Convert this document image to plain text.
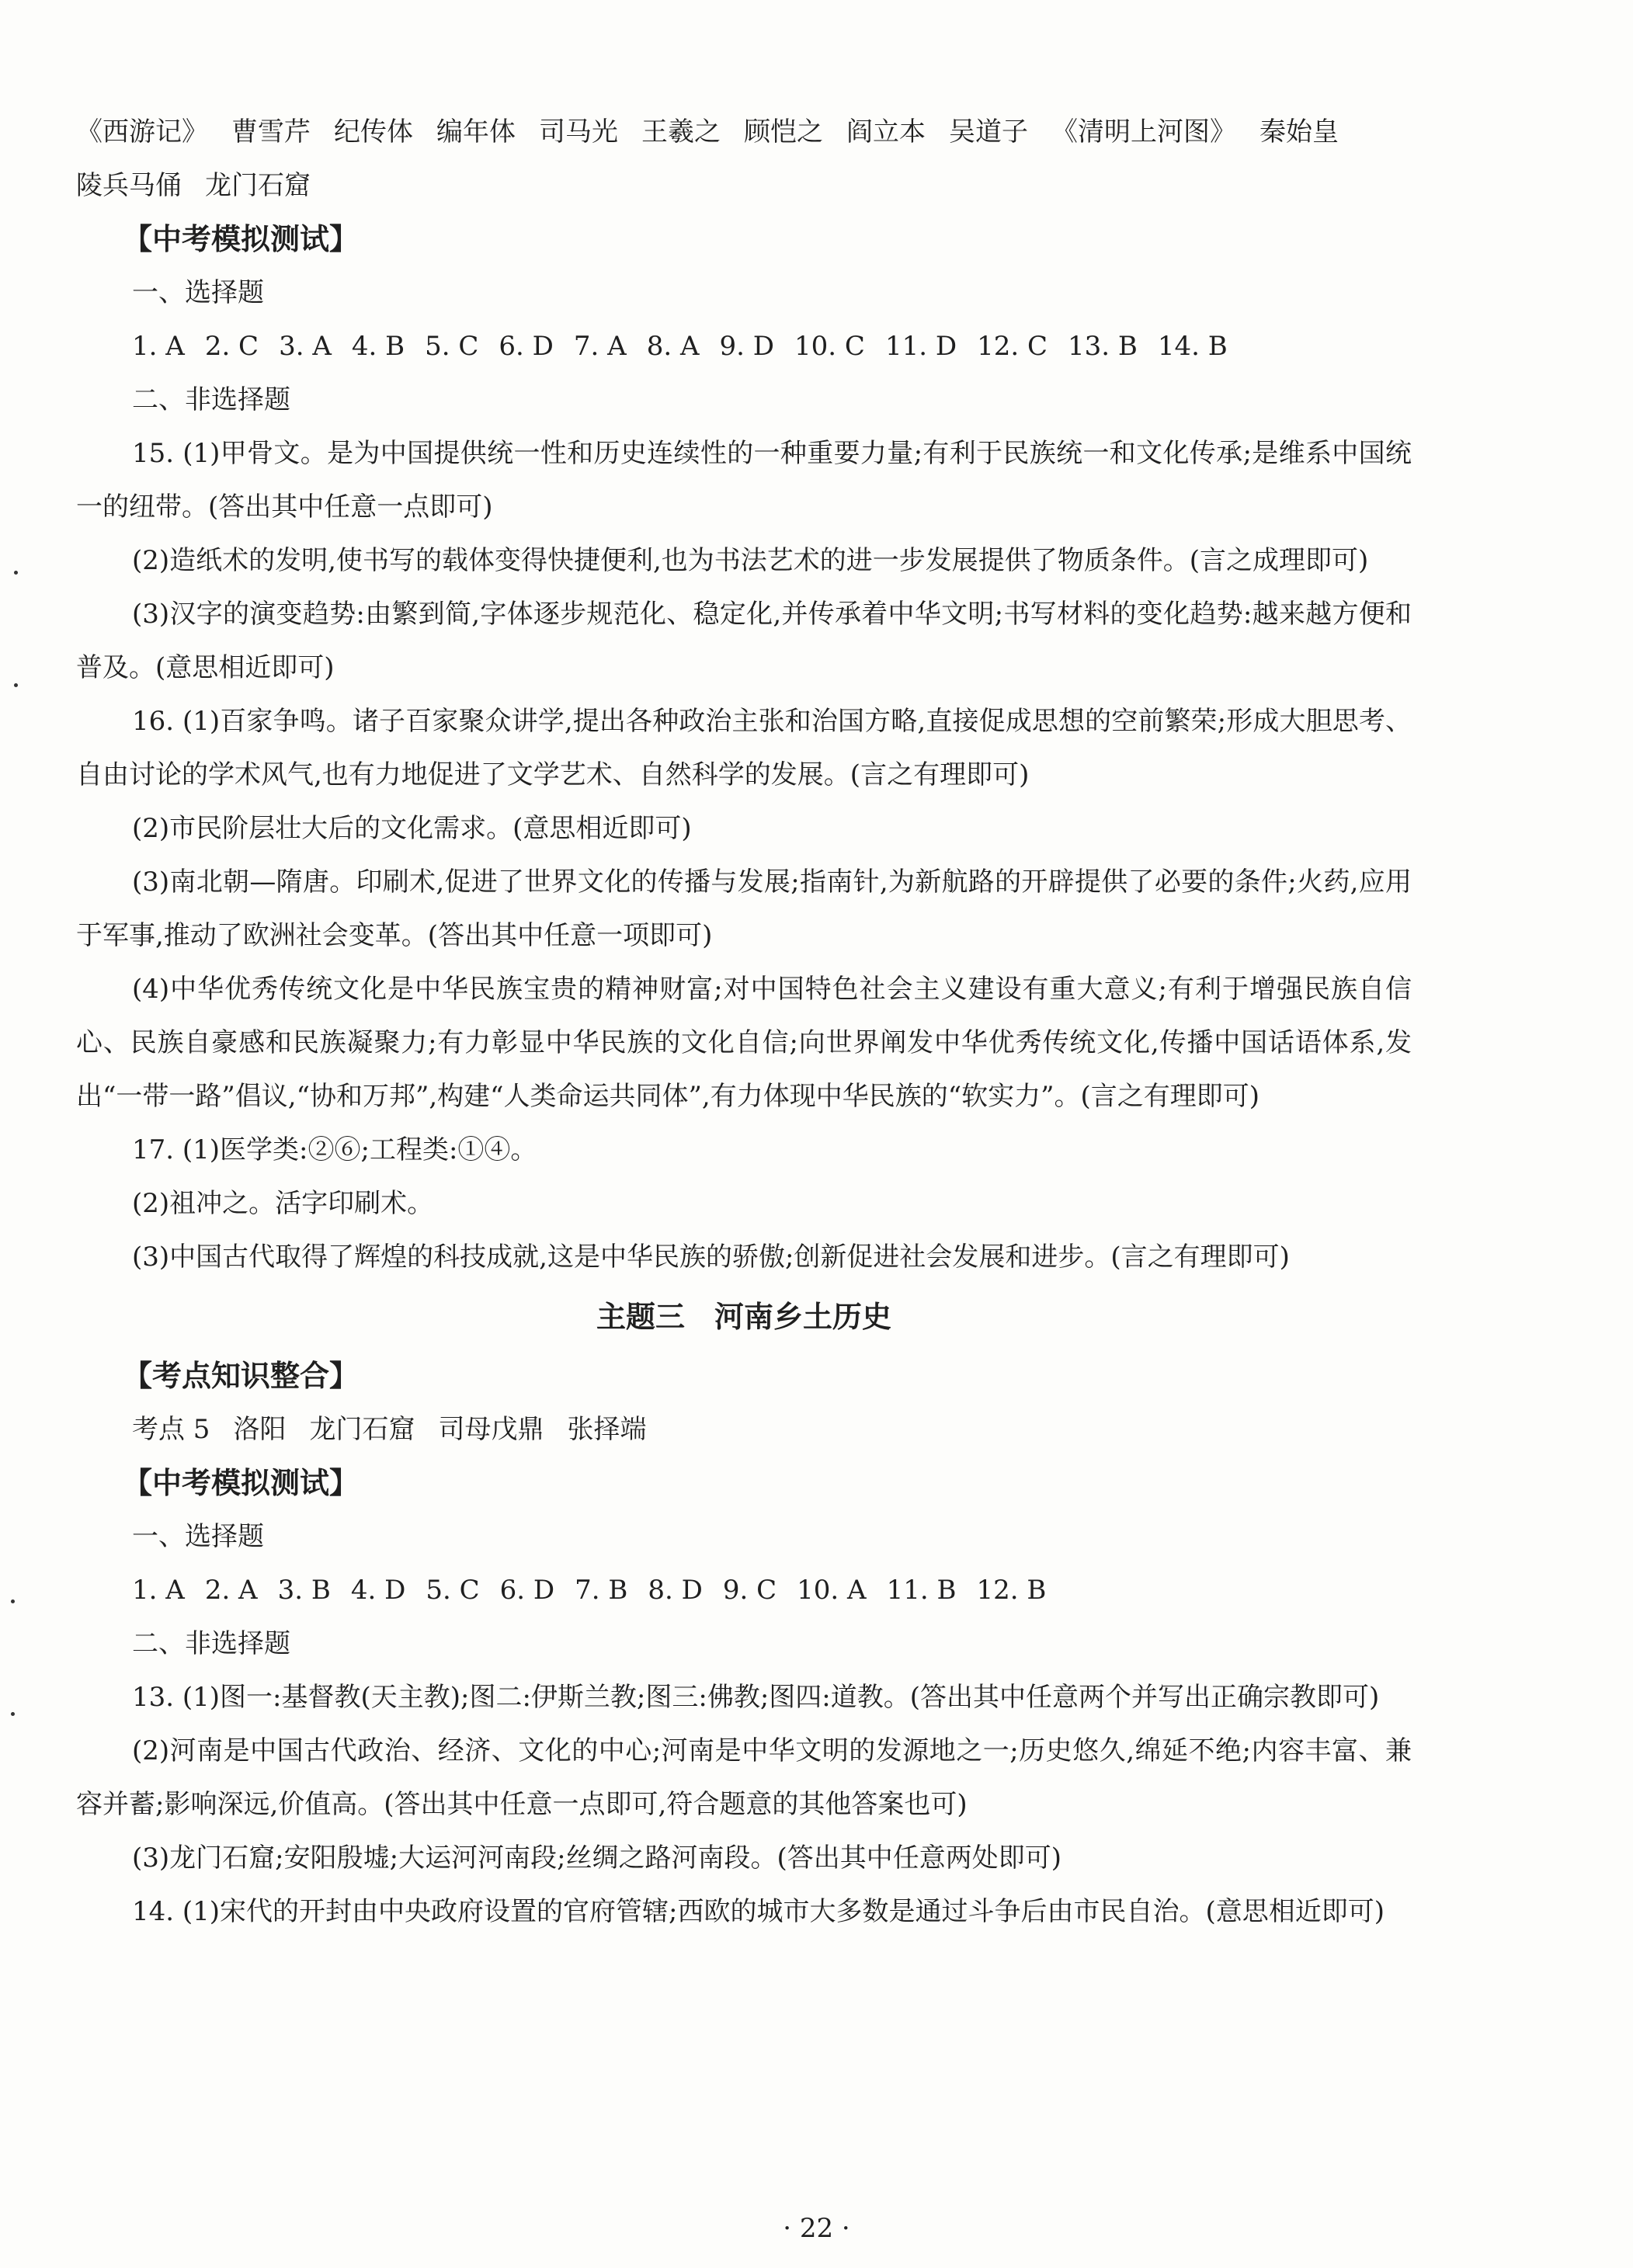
《西游记》 曹雪芹 纪传体 编年体 司马光 王羲之 顾恺之 阎立本 吴道子 《清明上河图》 秦始皇

陵兵马俑 龙门石窟

【中考模拟测试】

一、选择题

1. A 2. C 3. A 4. B 5. C 6. D 7. A 8. A 9. D 10. C 11. D 12. C 13. B 14. B

二、非选择题

15. (1)甲骨文。是为中国提供统一性和历史连续性的一种重要力量;有利于民族统一和文化传承;是维系中国统一的纽带。(答出其中任意一点即可)

(2)造纸术的发明,使书写的载体变得快捷便利,也为书法艺术的进一步发展提供了物质条件。(言之成理即可)

(3)汉字的演变趋势:由繁到简,字体逐步规范化、稳定化,并传承着中华文明;书写材料的变化趋势:越来越方便和普及。(意思相近即可)

16. (1)百家争鸣。诸子百家聚众讲学,提出各种政治主张和治国方略,直接促成思想的空前繁荣;形成大胆思考、自由讨论的学术风气,也有力地促进了文学艺术、自然科学的发展。(言之有理即可)

(2)市民阶层壮大后的文化需求。(意思相近即可)

(3)南北朝—隋唐。印刷术,促进了世界文化的传播与发展;指南针,为新航路的开辟提供了必要的条件;火药,应用于军事,推动了欧洲社会变革。(答出其中任意一项即可)

(4)中华优秀传统文化是中华民族宝贵的精神财富;对中国特色社会主义建设有重大意义;有利于增强民族自信心、民族自豪感和民族凝聚力;有力彰显中华民族的文化自信;向世界阐发中华优秀传统文化,传播中国话语体系,发出“一带一路”倡议,“协和万邦”,构建“人类命运共同体”,有力体现中华民族的“软实力”。(言之有理即可)

17. (1)医学类:②⑥;工程类:①④。

(2)祖冲之。活字印刷术。

(3)中国古代取得了辉煌的科技成就,这是中华民族的骄傲;创新促进社会发展和进步。(言之有理即可)

主题三　河南乡土历史

【考点知识整合】

考点 5 洛阳 龙门石窟 司母戊鼎 张择端

【中考模拟测试】

一、选择题

1. A 2. A 3. B 4. D 5. C 6. D 7. B 8. D 9. C 10. A 11. B 12. B

二、非选择题

13. (1)图一:基督教(天主教);图二:伊斯兰教;图三:佛教;图四:道教。(答出其中任意两个并写出正确宗教即可)

(2)河南是中国古代政治、经济、文化的中心;河南是中华文明的发源地之一;历史悠久,绵延不绝;内容丰富、兼容并蓄;影响深远,价值高。(答出其中任意一点即可,符合题意的其他答案也可)

(3)龙门石窟;安阳殷墟;大运河河南段;丝绸之路河南段。(答出其中任意两处即可)

14. (1)宋代的开封由中央政府设置的官府管辖;西欧的城市大多数是通过斗争后由市民自治。(意思相近即可)

· 22 ·
